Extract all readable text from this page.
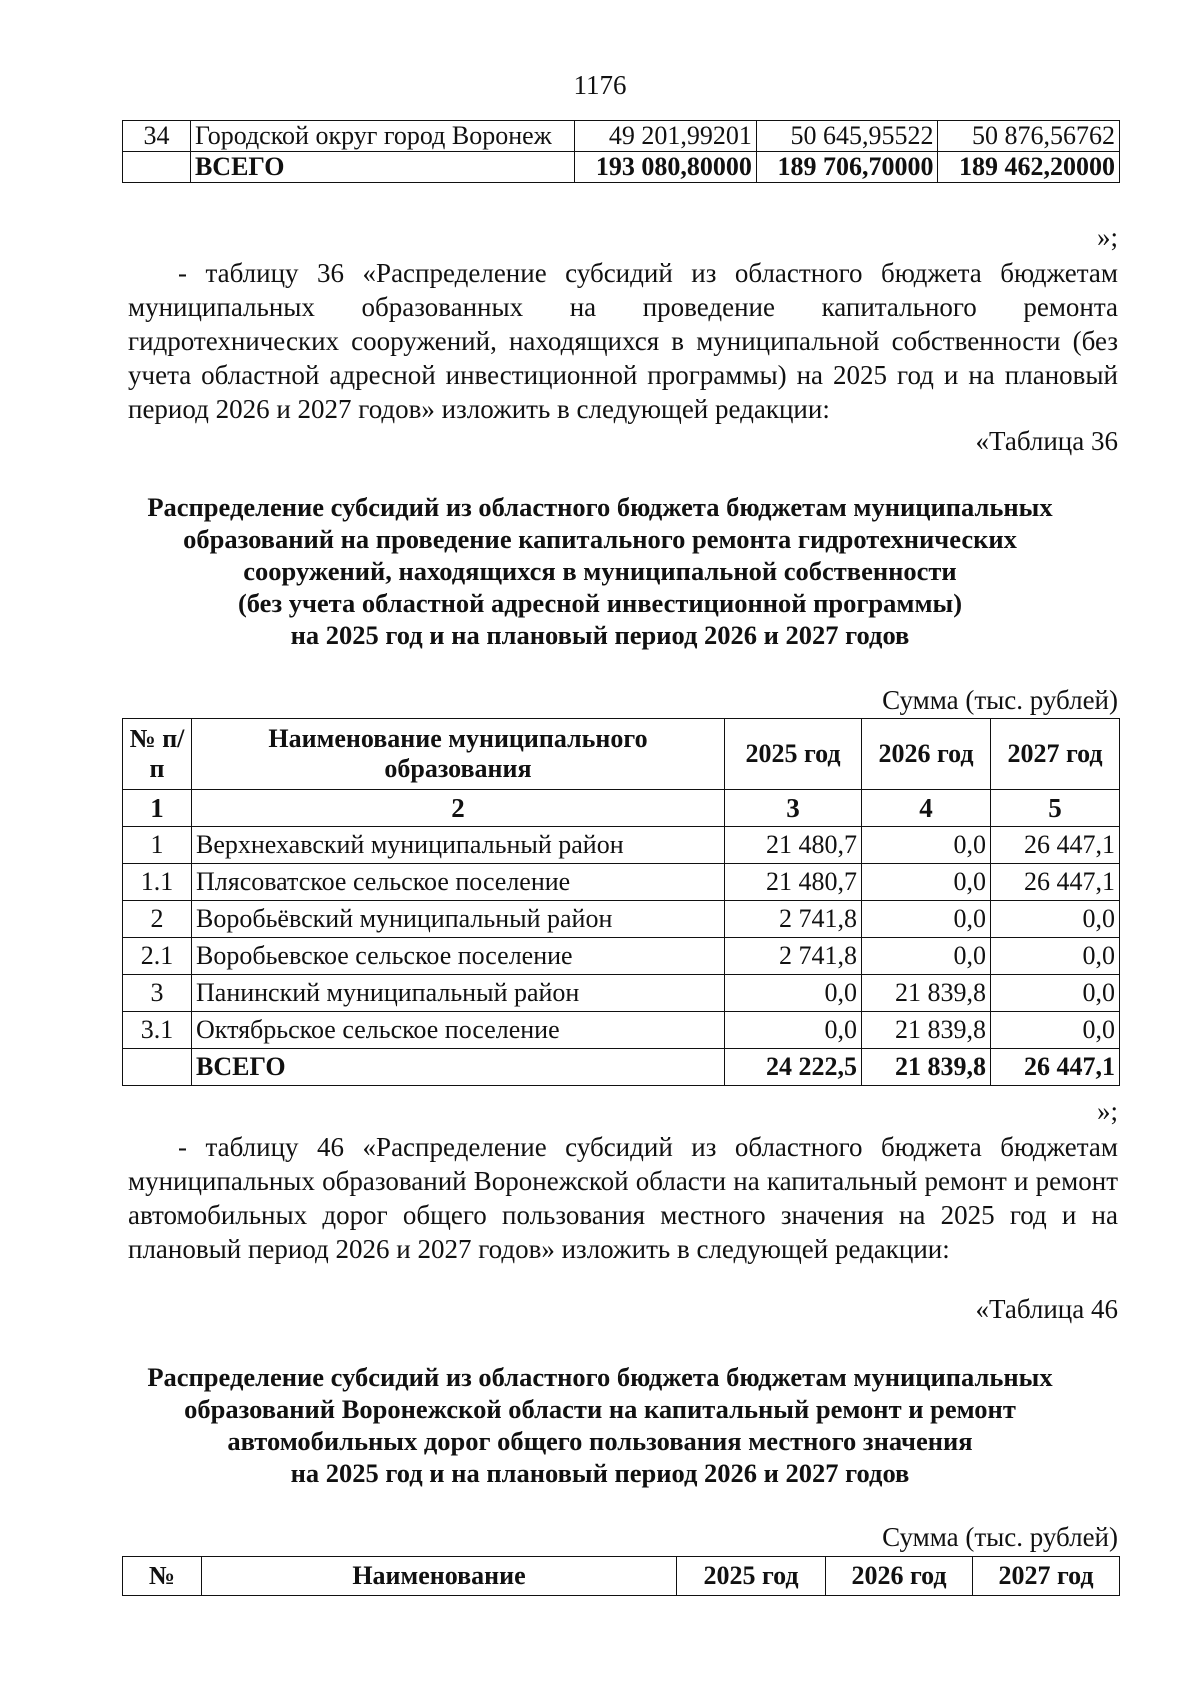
1176
34	Городской округ город Воронеж	49 201,99201	50 645,95522	50 876,56762
	ВСЕГО	193 080,80000	189 706,70000	189 462,20000
»;
- таблицу 36 «Распределение субсидий из областного бюджета бюджетам муниципальных образованных на проведение капитального ремонта гидротехнических сооружений, находящихся в муниципальной собственности (без учета областной адресной инвестиционной программы) на 2025 год и на плановый период 2026 и 2027 годов» изложить в следующей редакции:
«Таблица 36
Распределение субсидий из областного бюджета бюджетам муниципальных
образований на проведение капитального ремонта гидротехнических
сооружений, находящихся в муниципальной собственности
(без учета областной адресной инвестиционной программы)
на 2025 год и на плановый период 2026 и 2027 годов
Сумма (тыс. рублей)
№ п/п	Наименование муниципального образования	2025 год	2026 год	2027 год
1	2	3	4	5
1	Верхнехавский муниципальный район	21 480,7	0,0	26 447,1
1.1	Плясоватское сельское поселение	21 480,7	0,0	26 447,1
2	Воробьёвский муниципальный район	2 741,8	0,0	0,0
2.1	Воробьевское сельское поселение	2 741,8	0,0	0,0
3	Панинский муниципальный район	0,0	21 839,8	0,0
3.1	Октябрьское сельское поселение	0,0	21 839,8	0,0
	ВСЕГО	24 222,5	21 839,8	26 447,1
»;
- таблицу 46 «Распределение субсидий из областного бюджета бюджетам муниципальных образований Воронежской области на капитальный ремонт и ремонт автомобильных дорог общего пользования местного значения на 2025 год и на плановый период 2026 и 2027 годов» изложить в следующей редакции:
«Таблица 46
Распределение субсидий из областного бюджета бюджетам муниципальных
образований Воронежской области на капитальный ремонт и ремонт
автомобильных дорог общего пользования местного значения
на 2025 год и на плановый период 2026 и 2027 годов
Сумма (тыс. рублей)
№	Наименование	2025 год	2026 год	2027 год
